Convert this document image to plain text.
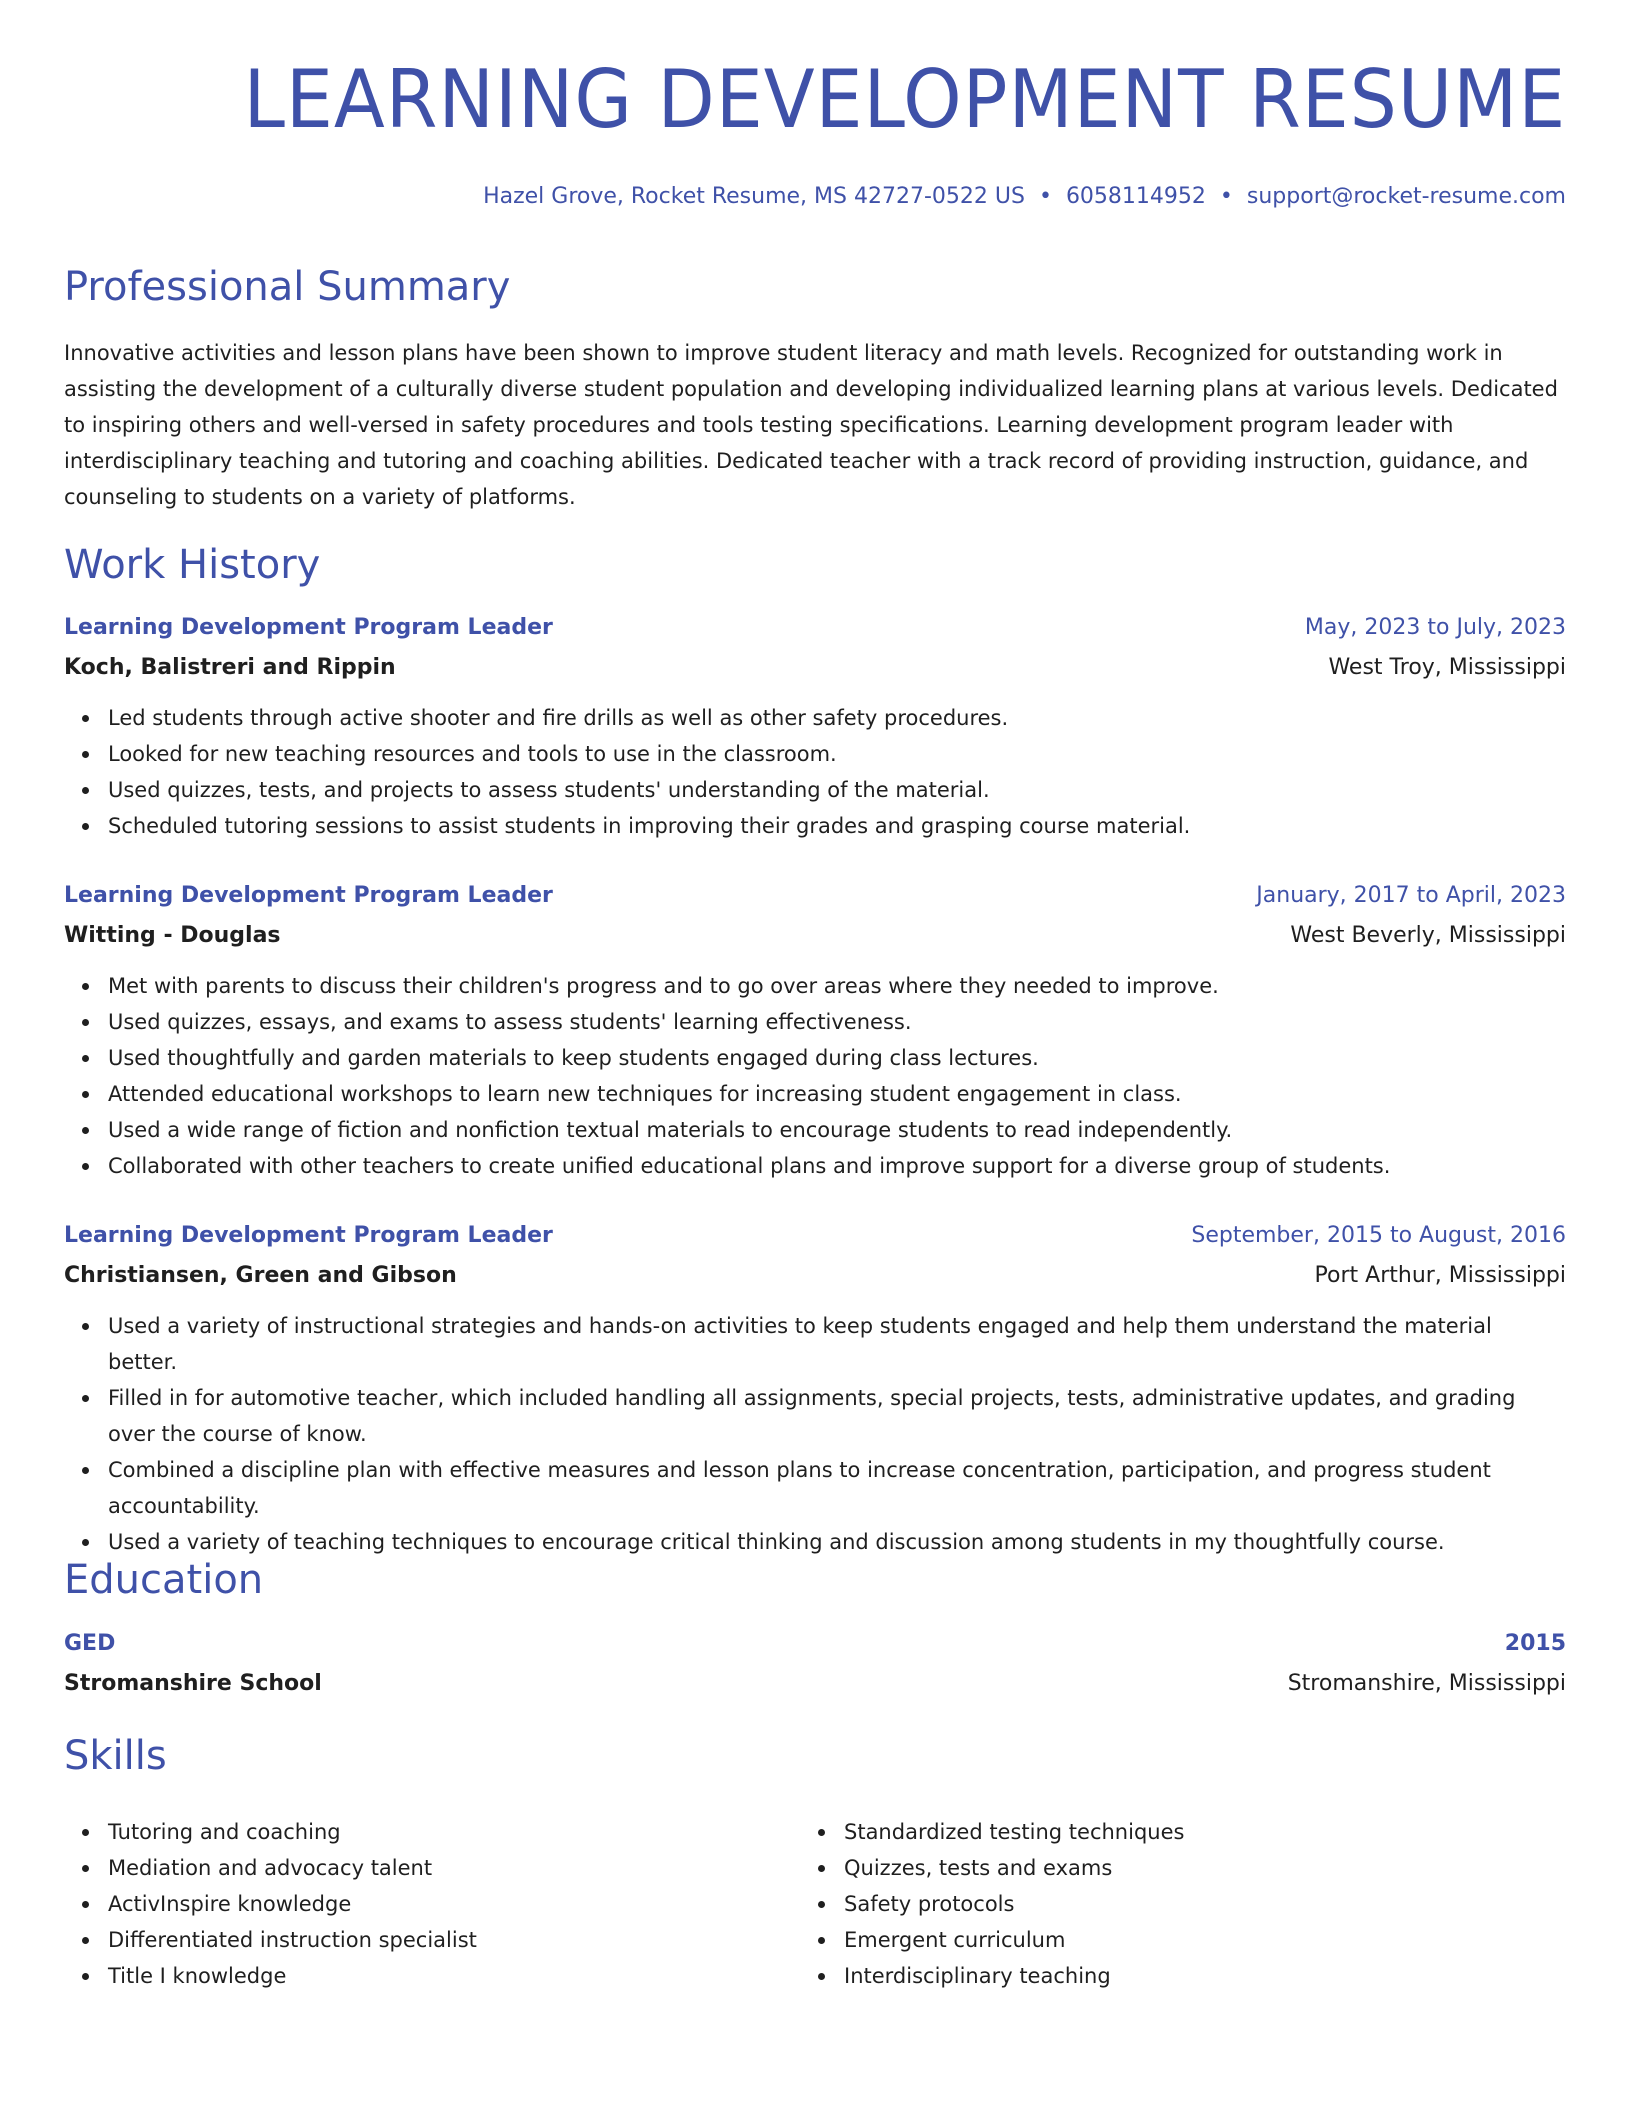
LEARNING DEVELOPMENT RESUME
Hazel Grove, Rocket Resume, MS 42727-0522 US • 6058114952 • support@rocket-resume.com
Professional Summary

Innovative activities and lesson plans have been shown to improve student literacy and math levels. Recognized for outstanding work in assisting the development of a culturally diverse student population and developing individualized learning plans at various levels. Dedicated to inspiring others and well-versed in safety procedures and tools testing specifications. Learning development program leader with interdisciplinary teaching and tutoring and coaching abilities. Dedicated teacher with a track record of providing instruction, guidance, and counseling to students on a variety of platforms.

Work History
Learning Development Program Leader	May, 2023 to July, 2023
Koch, Balistreri and Rippin	West Troy, Mississippi
Led students through active shooter and fire drills as well as other safety procedures.
Looked for new teaching resources and tools to use in the classroom.
Used quizzes, tests, and projects to assess students' understanding of the material.
Scheduled tutoring sessions to assist students in improving their grades and grasping course material.
Learning Development Program Leader	January, 2017 to April, 2023
Witting - Douglas	West Beverly, Mississippi
Met with parents to discuss their children's progress and to go over areas where they needed to improve.
Used quizzes, essays, and exams to assess students' learning effectiveness.
Used thoughtfully and garden materials to keep students engaged during class lectures.
Attended educational workshops to learn new techniques for increasing student engagement in class.
Used a wide range of fiction and nonfiction textual materials to encourage students to read independently.
Collaborated with other teachers to create unified educational plans and improve support for a diverse group of students.
Learning Development Program Leader	September, 2015 to August, 2016
Christiansen, Green and Gibson	Port Arthur, Mississippi
Used a variety of instructional strategies and hands-on activities to keep students engaged and help them understand the material better.
Filled in for automotive teacher, which included handling all assignments, special projects, tests, administrative updates, and grading over the course of know.
Combined a discipline plan with effective measures and lesson plans to increase concentration, participation, and progress student accountability.
Used a variety of teaching techniques to encourage critical thinking and discussion among students in my thoughtfully course.
Education
GED	2015
Stromanshire School	Stromanshire, Mississippi
Skills
Tutoring and coaching
Mediation and advocacy talent
ActivInspire knowledge
Differentiated instruction specialist
Title I knowledge
Standardized testing techniques
Quizzes, tests and exams
Safety protocols
Emergent curriculum
Interdisciplinary teaching
